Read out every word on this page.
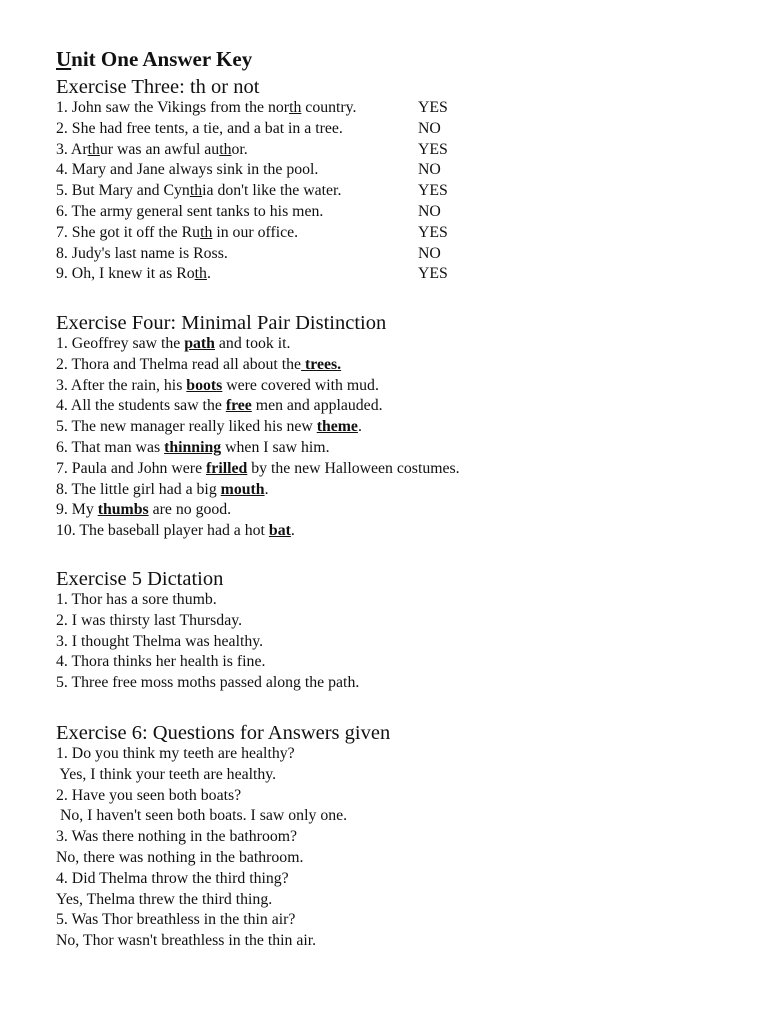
Unit One Answer Key
Exercise Three: th or not
1. John saw the Vikings from the north country.	YES
2. She had free tents, a tie, and a bat in a tree.	NO
3. Arthur was an awful author.	YES
4. Mary and Jane always sink in the pool.	NO
5. But Mary and Cynthia don't like the water.	YES
6. The army general sent tanks to his men.	NO
7. She got it off the Ruth in our office.	YES
8. Judy's last name is Ross.	NO
9. Oh, I knew it as Roth.	YES
Exercise Four: Minimal Pair Distinction
1. Geoffrey saw the path and took it.
2. Thora and Thelma read all about the trees.
3. After the rain, his boots were covered with mud.
4. All the students saw the free men and applauded.
5. The new manager really liked his new theme.
6. That man was thinning when I saw him.
7. Paula and John were frilled by the new Halloween costumes.
8. The little girl had a big mouth.
9. My thumbs are no good.
10. The baseball player had a hot bat.
Exercise 5 Dictation
1. Thor has a sore thumb.
2. I was thirsty last Thursday.
3. I thought Thelma was healthy.
4. Thora thinks her health is fine.
5. Three free moss moths passed along the path.
Exercise 6: Questions for Answers given
1. Do you think my teeth are healthy?
Yes, I think your teeth are healthy.
2. Have you seen both boats?
No, I haven't seen both boats. I saw only one.
3. Was there nothing in the bathroom?
No, there was nothing in the bathroom.
4. Did Thelma throw the third thing?
Yes, Thelma threw the third thing.
5. Was Thor breathless in the thin air?
No, Thor wasn't breathless in the thin air.
